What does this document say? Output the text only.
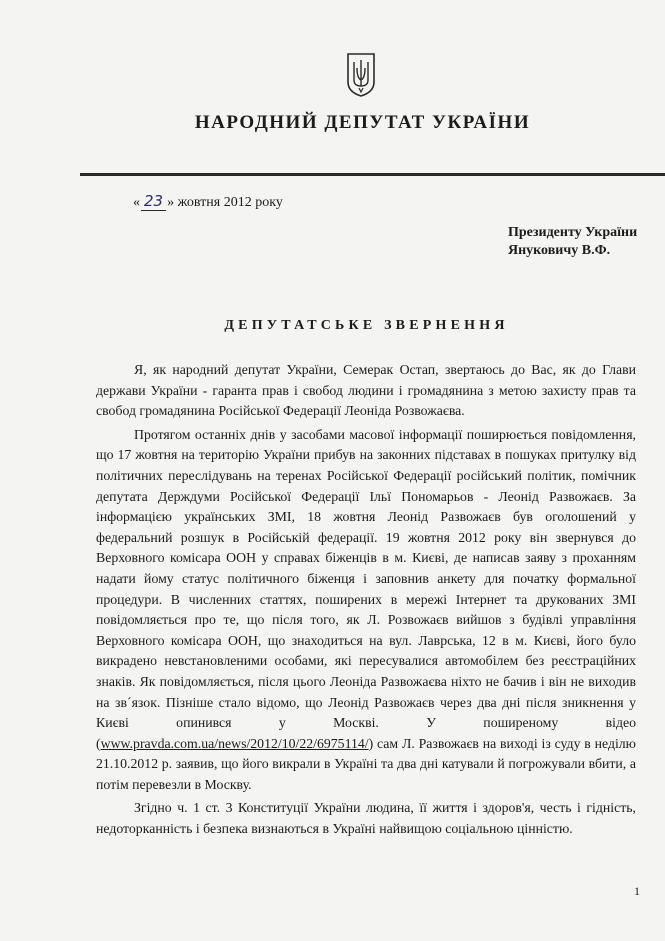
НАРОДНИЙ ДЕПУТАТ УКРАЇНИ
« 23 » жовтня 2012 року
Президенту України
Януковичу В.Ф.
ДЕПУТАТСЬКЕ ЗВЕРНЕННЯ

Я, як народний депутат України, Семерак Остап, звертаюсь до Вас, як до Глави держави України - гаранта прав і свобод людини і громадянина з метою захисту прав та свобод громадянина Російської Федерації Леоніда Розвожаєва.

Протягом останніх днів у засобами масової інформації поширюється повідомлення, що 17 жовтня на територію України прибув на законних підставах в пошуках притулку від політичних переслідувань на теренах Російської Федерації російський політик, помічник депутата Держдуми Російської Федерації Ільї Пономарьов - Леонід Развожаєв. За інформацією українських ЗМІ, 18 жовтня Леонід Развожаєв був оголошений у федеральний розшук в Російській федерації. 19 жовтня 2012 року він звернувся до Верховного комісара ООН у справах біженців в м. Києві, де написав заяву з проханням надати йому статус політичного біженця і заповнив анкету для початку формальної процедури. В численних статтях, поширених в мережі Інтернет та друкованих ЗМІ повідомляється про те, що після того, як Л. Розвожаєв вийшов з будівлі управління Верховного комісара ООН, що знаходиться на вул. Лаврська, 12 в м. Києві, його було викрадено невстановленими особами, які пересувалися автомобілем без реєстраційних знаків. Як повідомляється, після цього Леоніда Развожаєва ніхто не бачив і він не виходив на зв´язок. Пізніше стало відомо, що Леонід Развожаєв через два дні після зникнення у Києві опинився у Москві. У поширеному відео (www.pravda.com.ua/news/2012/10/22/6975114/) сам Л. Развожаєв на виході із суду в неділю 21.10.2012 р. заявив, що його викрали в Україні та два дні катували й погрожували вбити, а потім перевезли в Москву.

Згідно ч. 1 ст. 3 Конституції України людина, її життя і здоров'я, честь і гідність, недоторканність і безпека визнаються в Україні найвищою соціальною цінністю.

1
